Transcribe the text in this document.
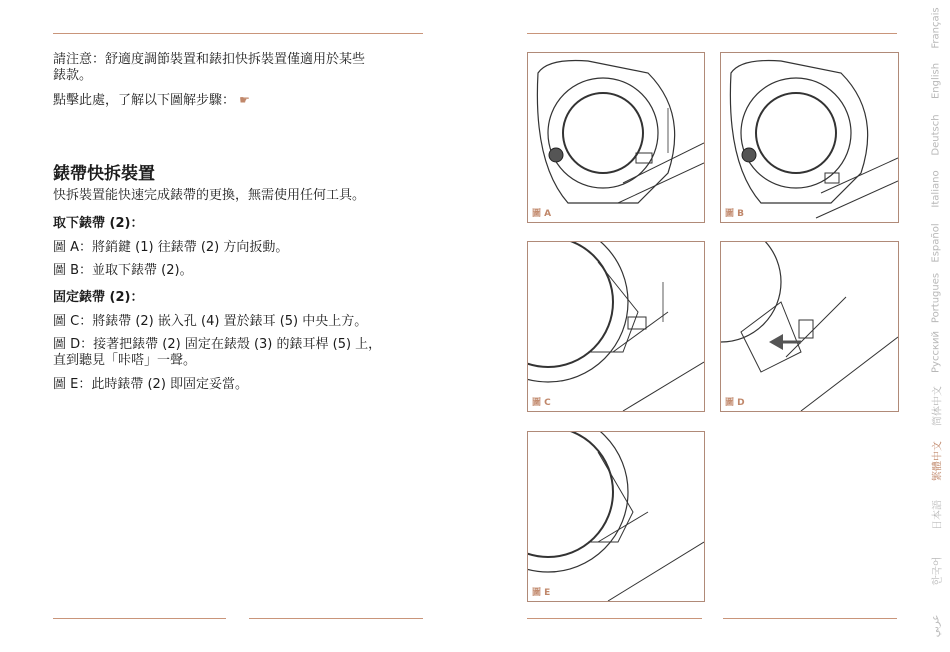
請注意：舒適度調節裝置和錶扣快拆裝置僅適用於某些
錶款。
點擊此處，了解以下圖解步驟： ☛
錶帶快拆裝置
快拆裝置能快速完成錶帶的更換，無需使用任何工具。
取下錶帶 (2)：
圖 A：將銷鍵 (1) 往錶帶 (2) 方向扳動。
圖 B：並取下錶帶 (2)。
固定錶帶 (2)：
圖 C：將錶帶 (2) 嵌入孔 (4) 置於錶耳 (5) 中央上方。
圖 D：接著把錶帶 (2) 固定在錶殼 (3) 的錶耳桿 (5) 上，
直到聽見「咔嗒」一聲。
圖 E：此時錶帶 (2) 即固定妥當。
圖 A	圖 B
圖 C	圖 D
圖 E
Français
English
Deutsch
Italiano
Español
Portugues
Русский
简体中文
繁體中文
日本語
한국어
عربي
